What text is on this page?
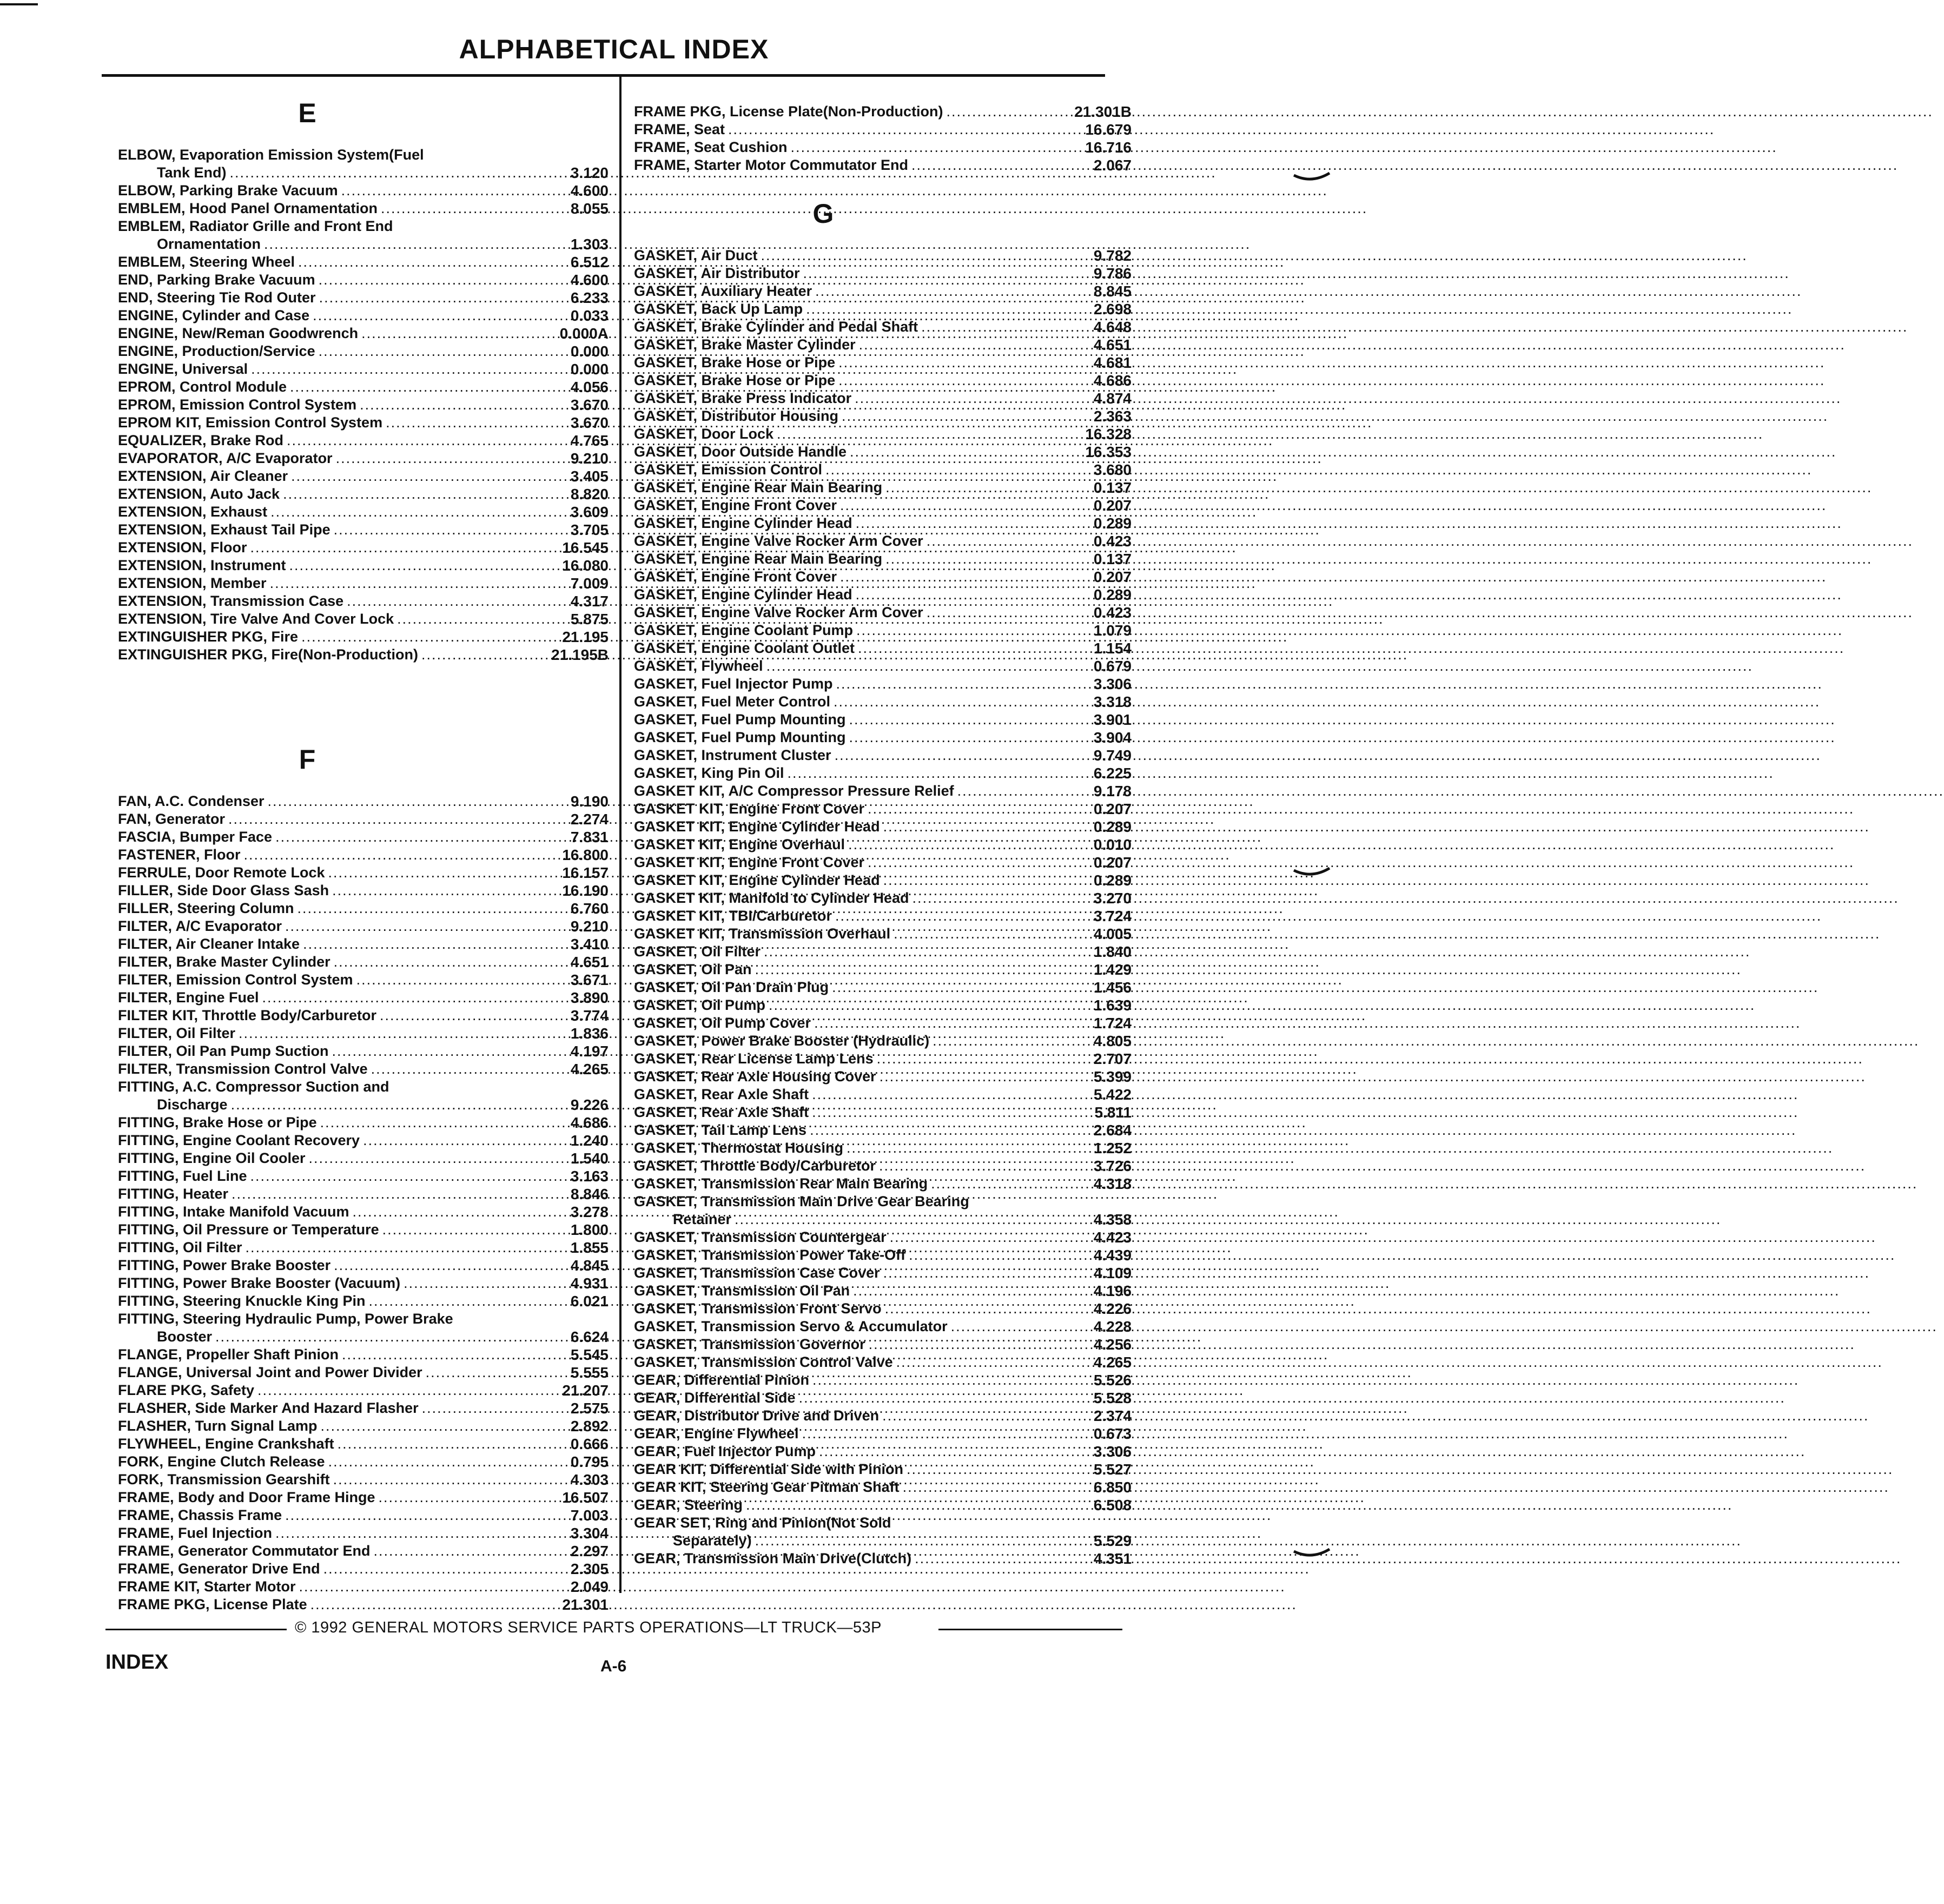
ALPHABETICAL INDEX
E
ELBOW, Evaporation Emission System(Fuel
Tank End) .....	3.120
ELBOW, Parking Brake Vacuum .....	4.600
EMBLEM, Hood Panel Ornamentation .....	8.055
EMBLEM, Radiator Grille and Front End
Ornamentation .....	1.303
EMBLEM, Steering Wheel .....	6.512
END, Parking Brake Vacuum .....	4.600
END, Steering Tie Rod Outer .....	6.233
ENGINE, Cylinder and Case .....	0.033
ENGINE, New/Reman Goodwrench .....	0.000A
ENGINE, Production/Service .....	0.000
ENGINE, Universal .....	0.000
EPROM, Control Module .....	4.056
EPROM, Emission Control System .....	3.670
EPROM KIT, Emission Control System .....	3.670
EQUALIZER, Brake Rod .....	4.765
EVAPORATOR, A/C Evaporator .....	9.210
EXTENSION, Air Cleaner .....	3.405
EXTENSION, Auto Jack .....	8.820
EXTENSION, Exhaust .....	3.609
EXTENSION, Exhaust Tail Pipe .....	3.705
EXTENSION, Floor .....	16.545
EXTENSION, Instrument .....	16.080
EXTENSION, Member .....	7.009
EXTENSION, Transmission Case .....	4.317
EXTENSION, Tire Valve And Cover Lock .....	5.875
EXTINGUISHER PKG, Fire .....	21.195
EXTINGUISHER PKG, Fire(Non-Production) .....	21.195B
F
FAN, A.C. Condenser .....	9.190
FAN, Generator .....	2.274
FASCIA, Bumper Face .....	7.831
FASTENER, Floor .....	16.800
FERRULE, Door Remote Lock .....	16.157
FILLER, Side Door Glass Sash .....	16.190
FILLER, Steering Column .....	6.760
FILTER, A/C Evaporator .....	9.210
FILTER, Air Cleaner Intake .....	3.410
FILTER, Brake Master Cylinder .....	4.651
FILTER, Emission Control System .....	3.671
FILTER, Engine Fuel .....	3.890
FILTER KIT, Throttle Body/Carburetor .....	3.774
FILTER, Oil Filter .....	1.836
FILTER, Oil Pan Pump Suction .....	4.197
FILTER, Transmission Control Valve .....	4.265
FITTING, A.C. Compressor Suction and
Discharge .....	9.226
FITTING, Brake Hose or Pipe .....	4.686
FITTING, Engine Coolant Recovery .....	1.240
FITTING, Engine Oil Cooler .....	1.540
FITTING, Fuel Line .....	3.163
FITTING, Heater .....	8.846
FITTING, Intake Manifold Vacuum .....	3.278
FITTING, Oil Pressure or Temperature .....	1.800
FITTING, Oil Filter .....	1.855
FITTING, Power Brake Booster .....	4.845
FITTING, Power Brake Booster (Vacuum) .....	4.931
FITTING, Steering Knuckle King Pin .....	6.021
FITTING, Steering Hydraulic Pump, Power Brake
Booster .....	6.624
FLANGE, Propeller Shaft Pinion .....	5.545
FLANGE, Universal Joint and Power Divider .....	5.555
FLARE PKG, Safety .....	21.207
FLASHER, Side Marker And Hazard Flasher .....	2.575
FLASHER, Turn Signal Lamp .....	2.892
FLYWHEEL, Engine Crankshaft .....	0.666
FORK, Engine Clutch Release .....	0.795
FORK, Transmission Gearshift .....	4.303
FRAME, Body and Door Frame Hinge .....	16.507
FRAME, Chassis Frame .....	7.003
FRAME, Fuel Injection .....	3.304
FRAME, Generator Commutator End .....	2.297
FRAME, Generator Drive End .....	2.305
FRAME KIT, Starter Motor .....	2.049
FRAME PKG, License Plate .....	21.301
FRAME PKG, License Plate(Non-Production) .....	21.301B
FRAME, Seat .....	16.679
FRAME, Seat Cushion .....	16.716
FRAME, Starter Motor Commutator End .....	2.067
G
GASKET, Air Duct .....	9.782
GASKET, Air Distributor .....	9.786
GASKET, Auxiliary Heater .....	8.845
GASKET, Back Up Lamp .....	2.698
GASKET, Brake Cylinder and Pedal Shaft .....	4.648
GASKET, Brake Master Cylinder .....	4.651
GASKET, Brake Hose or Pipe .....	4.681
GASKET, Brake Hose or Pipe .....	4.686
GASKET, Brake Press Indicator .....	4.874
GASKET, Distributor Housing .....	2.363
GASKET, Door Lock .....	16.328
GASKET, Door Outside Handle .....	16.353
GASKET, Emission Control .....	3.680
GASKET, Engine Rear Main Bearing .....	0.137
GASKET, Engine Front Cover .....	0.207
GASKET, Engine Cylinder Head .....	0.289
GASKET, Engine Valve Rocker Arm Cover .....	0.423
GASKET, Engine Rear Main Bearing .....	0.137
GASKET, Engine Front Cover .....	0.207
GASKET, Engine Cylinder Head .....	0.289
GASKET, Engine Valve Rocker Arm Cover .....	0.423
GASKET, Engine Coolant Pump .....	1.079
GASKET, Engine Coolant Outlet .....	1.154
GASKET, Flywheel .....	0.679
GASKET, Fuel Injector Pump .....	3.306
GASKET, Fuel Meter Control .....	3.318
GASKET, Fuel Pump Mounting .....	3.901
GASKET, Fuel Pump Mounting .....	3.904
GASKET, Instrument Cluster .....	9.749
GASKET, King Pin Oil .....	6.225
GASKET KIT, A/C Compressor Pressure Relief .....	9.178
GASKET KIT, Engine Front Cover .....	0.207
GASKET KIT, Engine Cylinder Head .....	0.289
GASKET KIT, Engine Overhaul .....	0.010
GASKET KIT, Engine Front Cover .....	0.207
GASKET KIT, Engine Cylinder Head .....	0.289
GASKET KIT, Manifold to Cylinder Head .....	3.270
GASKET KIT, TBI/Carburetor .....	3.724
GASKET KIT, Transmission Overhaul .....	4.005
GASKET, Oil Filter .....	1.840
GASKET, Oil Pan .....	1.429
GASKET, Oil Pan Drain Plug .....	1.456
GASKET, Oil Pump .....	1.639
GASKET, Oil Pump Cover .....	1.724
GASKET, Power Brake Booster (Hydraulic) .....	4.805
GASKET, Rear License Lamp Lens .....	2.707
GASKET, Rear Axle Housing Cover .....	5.399
GASKET, Rear Axle Shaft .....	5.422
GASKET, Rear Axle Shaft .....	5.811
GASKET, Tail Lamp Lens .....	2.684
GASKET, Thermostat Housing .....	1.252
GASKET, Throttle Body/Carburetor .....	3.726
GASKET, Transmission Rear Main Bearing .....	4.318
GASKET, Transmission Main Drive Gear Bearing
Retainer .....	4.358
GASKET, Transmission Countergear .....	4.423
GASKET, Transmission Power Take-Off .....	4.439
GASKET, Transmission Case Cover .....	4.109
GASKET, Transmission Oil Pan .....	4.196
GASKET, Transmission Front Servo .....	4.226
GASKET, Transmission Servo & Accumulator .....	4.228
GASKET, Transmission Governor .....	4.256
GASKET, Transmission Control Valve .....	4.265
GEAR, Differential Pinion .....	5.526
GEAR, Differential Side .....	5.528
GEAR, Distributor Drive and Driven .....	2.374
GEAR, Engine Flywheel .....	0.673
GEAR, Fuel Injector Pump .....	3.306
GEAR KIT, Differential Side with Pinion .....	5.527
GEAR KIT, Steering Gear Pitman Shaft .....	6.850
GEAR, Steering .....	6.508
GEAR SET, Ring and Pinion(Not Sold
Separately) .....	5.529
GEAR, Transmission Main Drive(Clutch) .....	4.351
© 1992 GENERAL MOTORS SERVICE PARTS OPERATIONS—LT TRUCK—53P
INDEX	A-6
